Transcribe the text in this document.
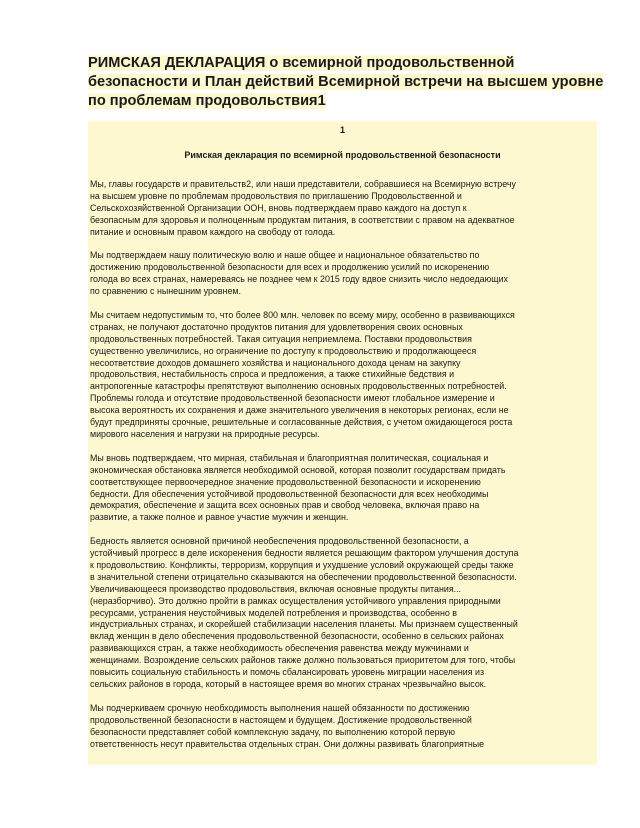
РИМСКАЯ ДЕКЛАРАЦИЯ о всемирной продовольственной
безопасности и План действий Всемирной встречи на высшем уровне
по проблемам продовольствия1
1
Римская декларация по всемирной продовольственной безопасности
Мы, главы государств и правительств2, или наши представители, собравшиеся на Всемирную встречу
на высшем уровне по проблемам продовольствия по приглашению Продовольственной и
Сельскохозяйственной Организации ООН, вновь подтверждаем право каждого на доступ к
безопасным для здоровья и полноценным продуктам питания, в соответствии с правом на адекватное
питание и основным правом каждого на свободу от голода.
Мы подтверждаем нашу политическую волю и наше общее и национальное обязательство по
достижению продовольственной безопасности для всех и продолжению усилий по искоренению
голода во всех странах, намереваясь не позднее чем к 2015 году вдвое снизить число недоедающих
по сравнению с нынешним уровнем.
Мы считаем недопустимым то, что более 800 млн. человек по всему миру, особенно в развивающихся
странах, не получают достаточно продуктов питания для удовлетворения своих основных
продовольственных потребностей. Такая ситуация неприемлема. Поставки продовольствия
существенно увеличились, но ограничение по доступу к продовольствию и продолжающееся
несоответствие доходов домашнего хозяйства и национального дохода ценам на закупку
продовольствия, нестабильность спроса и предложения, а также стихийные бедствия и
антропогенные катастрофы препятствуют выполнению основных продовольственных потребностей.
Проблемы голода и отсутствие продовольственной безопасности имеют глобальное измерение и
высока вероятность их сохранения и даже значительного увеличения в некоторых регионах, если не
будут предприняты срочные, решительные и согласованные действия, с учетом ожидающегося роста
мирового населения и нагрузки на природные ресурсы.
Мы вновь подтверждаем, что мирная, стабильная и благоприятная политическая, социальная и
экономическая обстановка является необходимой основой, которая позволит государствам придать
соответствующее первоочередное значение продовольственной безопасности и искоренению
бедности. Для обеспечения устойчивой продовольственной безопасности для всех необходимы
демократия, обеспечение и защита всех основных прав и свобод человека, включая право на
развитие, а также полное и равное участие мужчин и женщин.
Бедность является основной причиной необеспечения продовольственной безопасности, а
устойчивый прогресс в деле искоренения бедности является решающим фактором улучшения доступа
к продовольствию. Конфликты, терроризм, коррупция и ухудшение условий окружающей среды также
в значительной степени отрицательно сказываются на обеспечении продовольственной безопасности.
Увеличивающееся производство продовольствия, включая основные продукты питания...
(неразборчиво). Это должно пройти в рамках осуществления устойчивого управления природными
ресурсами, устранения неустойчивых моделей потребления и производства, особенно в
индустриальных странах, и скорейшей стабилизации населения планеты. Мы признаем существенный
вклад женщин в дело обеспечения продовольственной безопасности, особенно в сельских районах
развивающихся стран, а также необходимость обеспечения равенства между мужчинами и
женщинами. Возрождение сельских районов также должно пользоваться приоритетом для того, чтобы
повысить социальную стабильность и помочь сбалансировать уровень миграции населения из
сельских районов в города, который в настоящее время во многих странах чрезвычайно высок.
Мы подчеркиваем срочную необходимость выполнения нашей обязанности по достижению
продовольственной безопасности в настоящем и будущем. Достижение продовольственной
безопасности представляет собой комплексную задачу, по выполнению которой первую
ответственность несут правительства отдельных стран. Они должны развивать благоприятные
